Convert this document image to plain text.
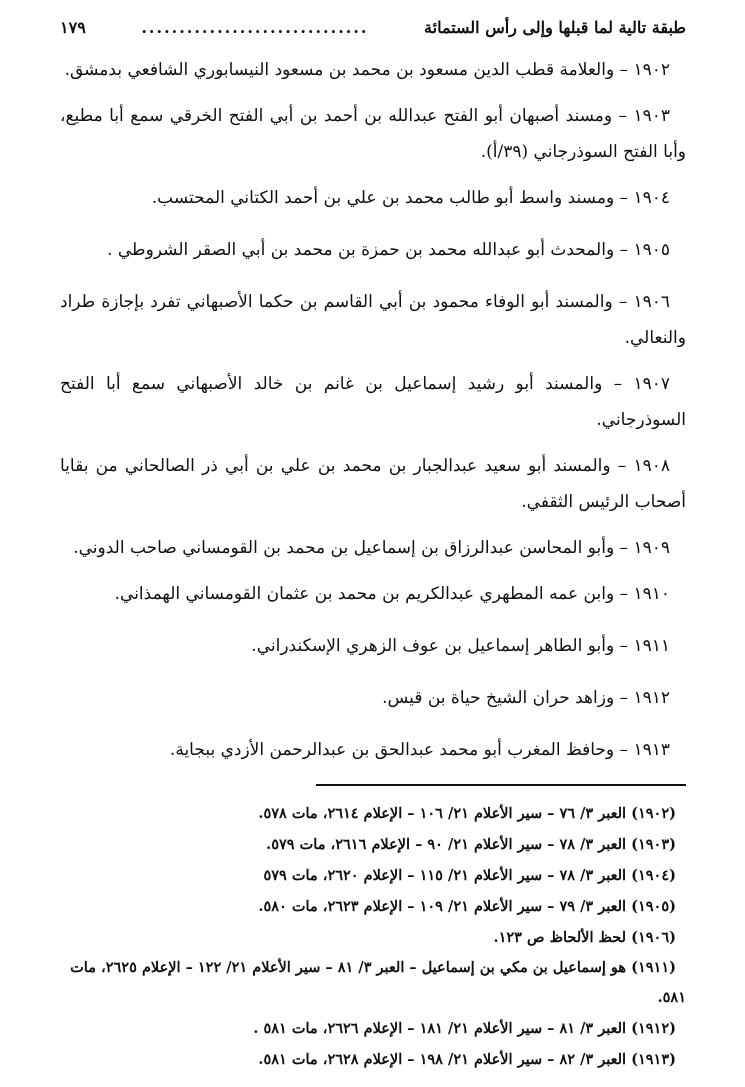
طبقة تالية لما قبلها وإلى رأس الستمائة
..............................
١٧٩

١٩٠٢ – والعلامة قطب الدين مسعود بن محمد بن مسعود النيسابوري الشافعي بدمشق.

١٩٠٣ – ومسند أصبهان أبو الفتح عبدالله بن أحمد بن أبي الفتح الخرقي سمع أبا مطيع، وأبا الفتح السوذرجاني (٣٩/أ).

١٩٠٤ – ومسند واسط أبو طالب محمد بن علي بن أحمد الكتاني المحتسب.

١٩٠٥ – والمحدث أبو عبدالله محمد بن حمزة بن محمد بن أبي الصقر الشروطي .

١٩٠٦ – والمسند أبو الوفاء محمود بن أبي القاسم بن حكما الأصبهاني تفرد بإجازة طراد والنعالي.

١٩٠٧ – والمسند أبو رشيد إسماعيل بن غانم بن خالد الأصبهاني سمع أبا الفتح السوذرجاني.

١٩٠٨ – والمسند أبو سعيد عبدالجبار بن محمد بن علي بن أبي ذر الصالحاني من بقايا أصحاب الرئيس الثقفي.

١٩٠٩ – وأبو المحاسن عبدالرزاق بن إسماعيل بن محمد بن القومساني صاحب الدوني.

١٩١٠ – وابن عمه المطهري عبدالكريم بن محمد بن عثمان القومساني الهمذاني.

١٩١١ – وأبو الطاهر إسماعيل بن عوف الزهري الإسكندراني.

١٩١٢ – وزاهد حران الشيخ حياة بن قيس.

١٩١٣ – وحافظ المغرب أبو محمد عبدالحق بن عبدالرحمن الأزدي ببجاية.

(١٩٠٢) العبر ٣/ ٧٦ – سير الأعلام ٢١/ ١٠٦ – الإعلام ٢٦١٤، مات ٥٧٨.

(١٩٠٣) العبر ٣/ ٧٨ – سير الأعلام ٢١/ ٩٠ – الإعلام ٢٦١٦، مات ٥٧٩.

(١٩٠٤) العبر ٣/ ٧٨ – سير الأعلام ٢١/ ١١٥ – الإعلام ٢٦٢٠، مات ٥٧٩

(١٩٠٥) العبر ٣/ ٧٩ – سير الأعلام ٢١/ ١٠٩ – الإعلام ٢٦٢٣، مات ٥٨٠.

(١٩٠٦) لحظ الألحاظ ص ١٢٣.

(١٩١١) هو إسماعيل بن مكي بن إسماعيل – العبر ٣/ ٨١ – سير الأعلام ٢١/ ١٢٢ – الإعلام ٢٦٢٥، مات ٥٨١.

(١٩١٢) العبر ٣/ ٨١ – سير الأعلام ٢١/ ١٨١ – الإعلام ٢٦٢٦، مات ٥٨١ .

(١٩١٣) العبر ٣/ ٨٢ – سير الأعلام ٢١/ ١٩٨ – الإعلام ٢٦٢٨، مات ٥٨١.
